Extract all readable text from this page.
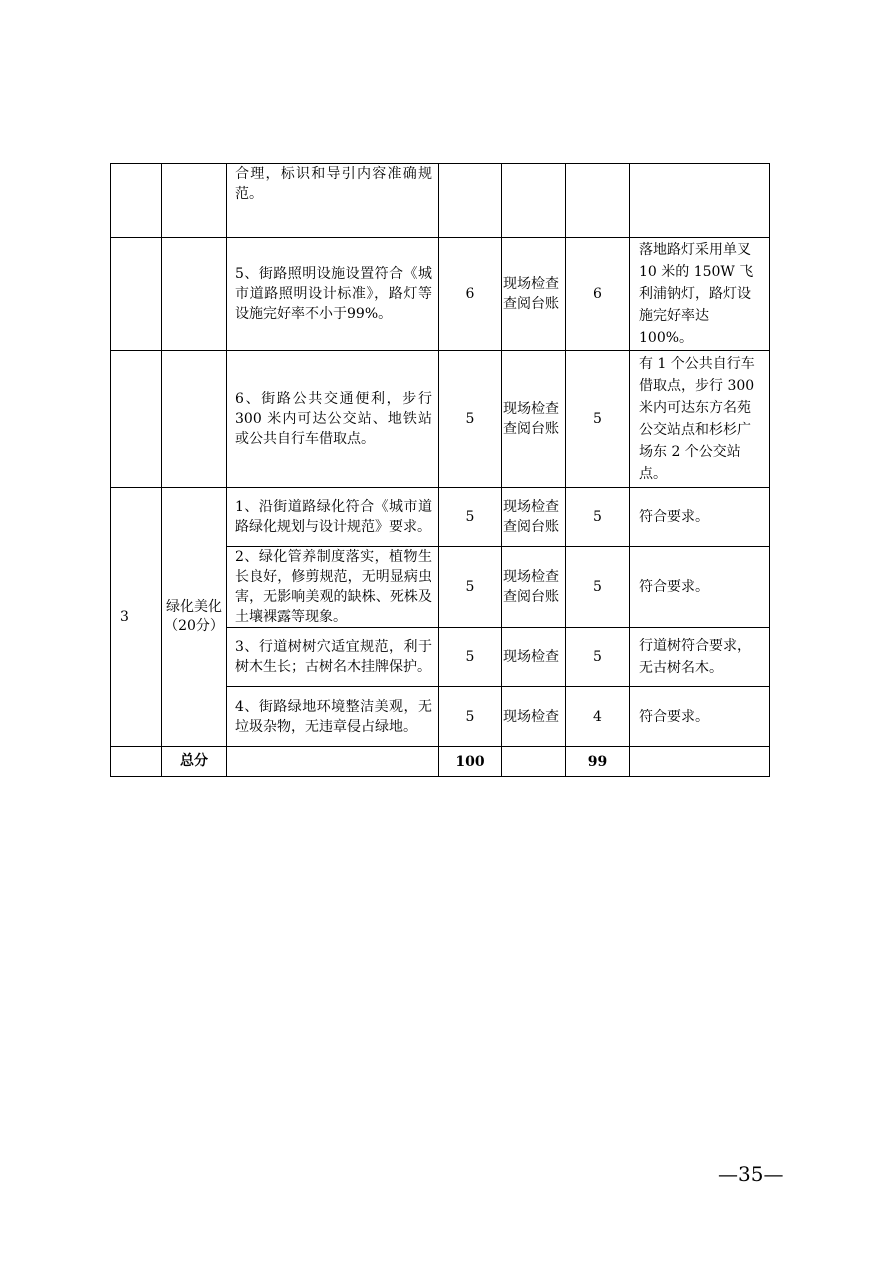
		合理，标识和导引内容准确规范。				
		5、街路照明设施设置符合《城市道路照明设计标准》，路灯等设施完好率不小于99%。	6	现场检查查阅台账	6	落地路灯采用单叉 10 米的 150W 飞利浦钠灯，路灯设施完好率达 100%。
		6、街路公共交通便利，步行300 米内可达公交站、地铁站或公共自行车借取点。	5	现场检查查阅台账	5	有 1 个公共自行车借取点，步行 300 米内可达东方名苑公交站点和杉杉广场东 2 个公交站点。
3	绿化美化（20分）	1、沿街道路绿化符合《城市道路绿化规划与设计规范》要求。	5	现场检查查阅台账	5	符合要求。
		2、绿化管养制度落实，植物生长良好，修剪规范，无明显病虫害，无影响美观的缺株、死株及土壤裸露等现象。	5	现场检查查阅台账	5	符合要求。
		3、行道树树穴适宜规范，利于树木生长；古树名木挂牌保护。	5	现场检查	5	行道树符合要求，无古树名木。
		4、街路绿地环境整洁美观，无垃圾杂物，无违章侵占绿地。	5	现场检查	4	符合要求。
	总分		100		99	
—35—
